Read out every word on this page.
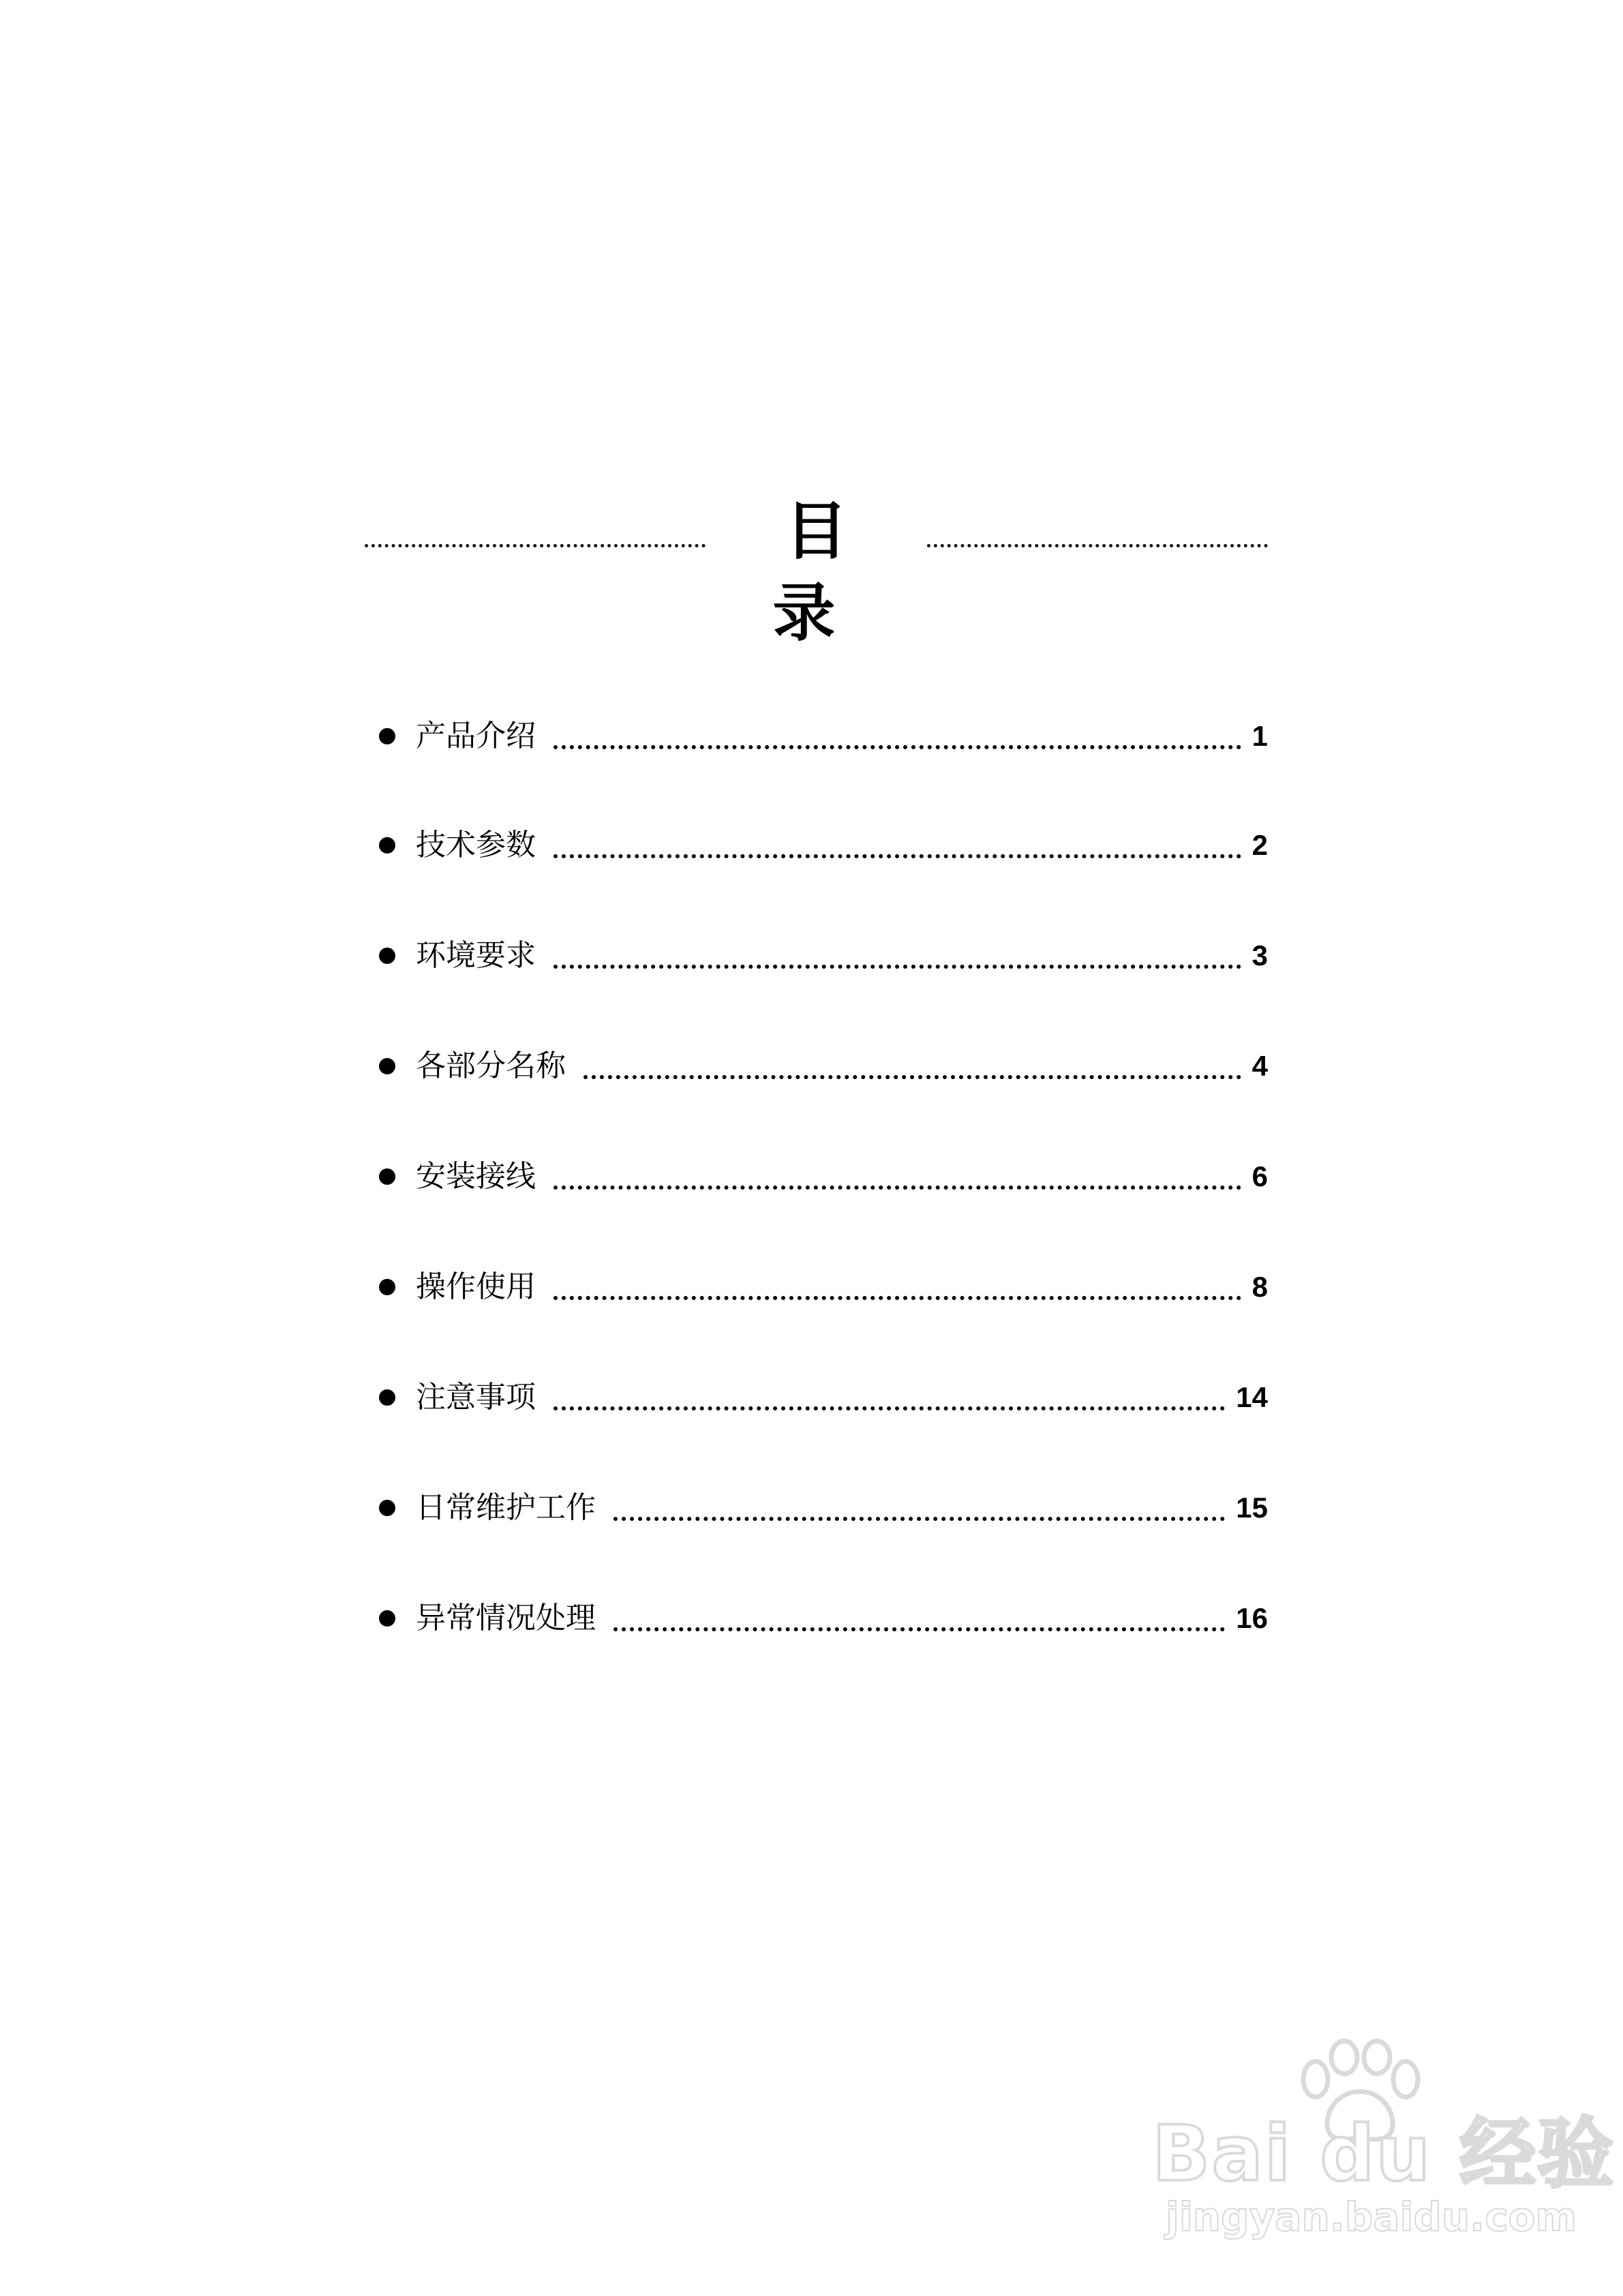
目 录
产品介绍	1
技术参数	2
环境要求	3
各部分名称	4
安装接线	6
操作使用	8
注意事项	14
日常维护工作	15
异常情况处理	16
Bai du 经验
jingyan.baidu.com
